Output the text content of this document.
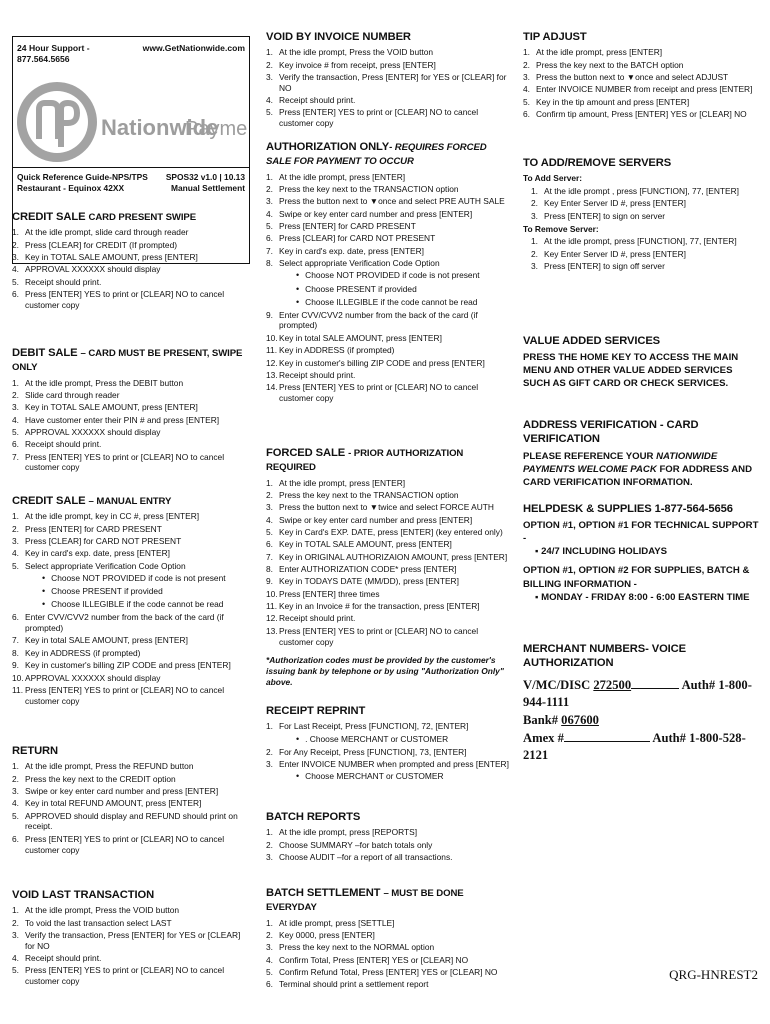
24 Hour Support - 877.564.5656
www.GetNationwide.com
Nationwide
Payme
Quick Reference Guide-NPS/TPS
Restaurant - Equinox 42XX
SPOS32 v1.0 | 10.13
Manual Settlement
CREDIT SALE CARD PRESENT SWIPE
1. At the idle prompt, slide card through reader
2. Press [CLEAR] for CREDIT (If prompted)
3. Key in TOTAL SALE AMOUNT, press [ENTER]
4. APPROVAL XXXXXX should display
5. Receipt should print.
6. Press [ENTER] YES to print or [CLEAR] NO to cancel customer copy
DEBIT SALE – CARD MUST BE PRESENT, SWIPE ONLY
1. At the idle prompt, Press the DEBIT button
2. Slide card through reader
3. Key in TOTAL SALE AMOUNT, press [ENTER]
4. Have customer enter their PIN # and press [ENTER]
5. APPROVAL XXXXXX should display
6. Receipt should print.
7. Press [ENTER] YES to print or [CLEAR] NO to cancel customer copy
CREDIT SALE – MANUAL ENTRY
1. At the idle prompt, key in CC #, press [ENTER]
2. Press [ENTER] for CARD PRESENT
3. Press [CLEAR] for CARD NOT PRESENT
4. Key in card's exp. date, press [ENTER]
5. Select appropriate Verification Code Option
• Choose NOT PROVIDED if code is not present
• Choose PRESENT if provided
• Choose ILLEGIBLE if the code cannot be read
6. Enter CVV/CVV2 number from the back of the card (if prompted)
7. Key in total SALE AMOUNT, press [ENTER]
8. Key in ADDRESS (if prompted)
9. Key in customer's billing ZIP CODE and press [ENTER]
10. APPROVAL XXXXXX should display
11. Press [ENTER] YES to print or [CLEAR] NO to cancel customer copy
RETURN
1. At the idle prompt, Press the REFUND button
2. Press the key next to the CREDIT option
3. Swipe or key enter card number and press [ENTER]
4. Key in total REFUND AMOUNT, press [ENTER]
5. APPROVED should display and REFUND should print on receipt.
6. Press [ENTER] YES to print or [CLEAR] NO to cancel customer copy
VOID LAST TRANSACTION
1. At the idle prompt, Press the VOID button
2. To void the last transaction select LAST
3. Verify the transaction, Press [ENTER] for YES or [CLEAR] for NO
4. Receipt should print.
5. Press [ENTER] YES to print or [CLEAR] NO to cancel customer copy
VOID BY INVOICE NUMBER
1. At the idle prompt, Press the VOID button
2. Key invoice # from receipt, press [ENTER]
3. Verify the transaction, Press [ENTER] for YES or [CLEAR] for NO
4. Receipt should print.
5. Press [ENTER] YES to print or [CLEAR] NO to cancel customer copy
AUTHORIZATION ONLY- REQUIRES FORCED SALE FOR PAYMENT TO OCCUR
1. At the idle prompt, press [ENTER]
2. Press the key next to the TRANSACTION option
3. Press the button next to ▼once and select PRE AUTH SALE
4. Swipe or key enter card number and press [ENTER]
5. Press [ENTER] for CARD PRESENT
6. Press [CLEAR] for CARD NOT PRESENT
7. Key in card's exp. date, press [ENTER]
8. Select appropriate Verification Code Option
• Choose NOT PROVIDED if code is not present
• Choose PRESENT if provided
• Choose ILLEGIBLE if the code cannot be read
9. Enter CVV/CVV2 number from the back of the card (if prompted)
10. Key in total SALE AMOUNT, press [ENTER]
11. Key in ADDRESS (if prompted)
12. Key in customer's billing ZIP CODE and press [ENTER]
13. Receipt should print.
14. Press [ENTER] YES to print or [CLEAR] NO to cancel customer copy
FORCED SALE - PRIOR AUTHORIZATION REQUIRED
1. At the idle prompt, press [ENTER]
2. Press the key next to the TRANSACTION option
3. Press the button next to ▼twice and select FORCE AUTH
4. Swipe or key enter card number and press [ENTER]
5. Key in Card's EXP. DATE, press [ENTER] (key entered only)
6. Key in TOTAL SALE AMOUNT, press [ENTER]
7. Key in ORIGINAL AUTHORIZAION AMOUNT, press [ENTER]
8. Enter AUTHORIZATION CODE* press [ENTER]
9. Key in TODAYS DATE (MM/DD), press [ENTER]
10. Press [ENTER] three times
11. Key in an Invoice # for the transaction, press [ENTER]
12. Receipt should print.
13. Press [ENTER] YES to print or [CLEAR] NO to cancel customer copy
*Authorization codes must be provided by the customer's issuing bank by telephone or by using "Authorization Only" above.
RECEIPT REPRINT
1. For Last Receipt, Press [FUNCTION], 72, [ENTER]
• . Choose MERCHANT or CUSTOMER
2. For Any Receipt, Press [FUNCTION], 73, [ENTER]
3. Enter INVOICE NUMBER when prompted and press [ENTER]
• Choose MERCHANT or CUSTOMER
BATCH REPORTS
1. At the idle prompt, press [REPORTS]
2. Choose SUMMARY –for batch totals only
3. Choose AUDIT –for a report of all transactions.
BATCH SETTLEMENT – MUST BE DONE EVERYDAY
1. At idle prompt, press [SETTLE]
2. Key 0000, press [ENTER]
3. Press the key next to the NORMAL option
4. Confirm Total, Press [ENTER] YES or [CLEAR] NO
5. Confirm Refund Total, Press [ENTER] YES or [CLEAR] NO
6. Terminal should print a settlement report
TIP ADJUST
1. At the idle prompt, press [ENTER]
2. Press the key next to the BATCH option
3. Press the button next to ▼once and select ADJUST
4. Enter INVOICE NUMBER from receipt and press [ENTER]
5. Key in the tip amount and press [ENTER]
6. Confirm tip amount, Press [ENTER] YES or [CLEAR] NO
TO ADD/REMOVE SERVERS
To Add Server:
1. At the idle prompt , press [FUNCTION], 77, [ENTER]
2. Key Enter Server ID #, press [ENTER]
3. Press [ENTER] to sign on server
To Remove Server:
1. At the idle prompt, press [FUNCTION], 77, [ENTER]
2. Key Enter Server ID #, press [ENTER]
3. Press [ENTER] to sign off server
VALUE ADDED SERVICES
PRESS THE HOME KEY TO ACCESS THE MAIN MENU AND OTHER VALUE ADDED SERVICES SUCH AS GIFT CARD OR CHECK SERVICES.
ADDRESS VERIFICATION - CARD VERIFICATION
PLEASE REFERENCE YOUR NATIONWIDE PAYMENTS WELCOME PACK FOR ADDRESS AND CARD VERIFICATION INFORMATION.
HELPDESK & SUPPLIES 1-877-564-5656
OPTION #1, OPTION #1 FOR TECHNICAL SUPPORT -
▪ 24/7 INCLUDING HOLIDAYS
OPTION #1, OPTION #2 FOR SUPPLIES, BATCH & BILLING INFORMATION -
▪ MONDAY - FRIDAY 8:00 - 6:00 EASTERN TIME
MERCHANT NUMBERS- VOICE AUTHORIZATION
V/MC/DISC 272500	Auth# 1-800-944-1111
Bank# 067600
Amex #	Auth# 1-800-528-2121
QRG-HNREST2
